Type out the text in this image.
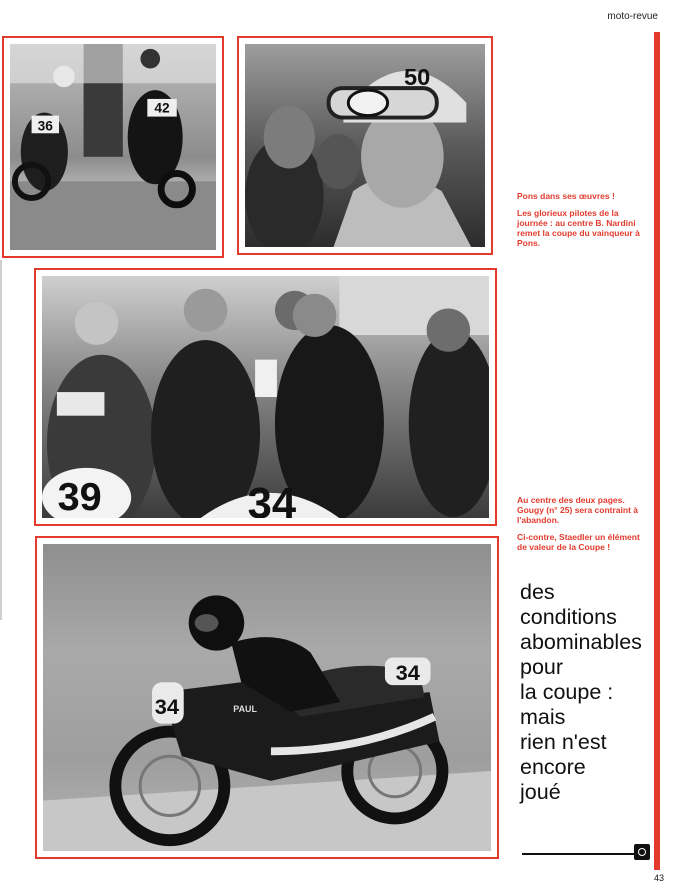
moto-revue
36
42
50
39	34
34
34
PAUL

Pons dans ses œuvres !

Les glorieux pilotes de la journée : au centre B. Nardini remet la coupe du vainqueur à Pons.

Au centre des deux pages. Gougy (n° 25) sera contraint à l'abandon.

Ci-contre, Staedler un élément de valeur de la Coupe !

des
conditions
abominables
pour
la coupe :
mais
rien n'est
encore
joué
43
